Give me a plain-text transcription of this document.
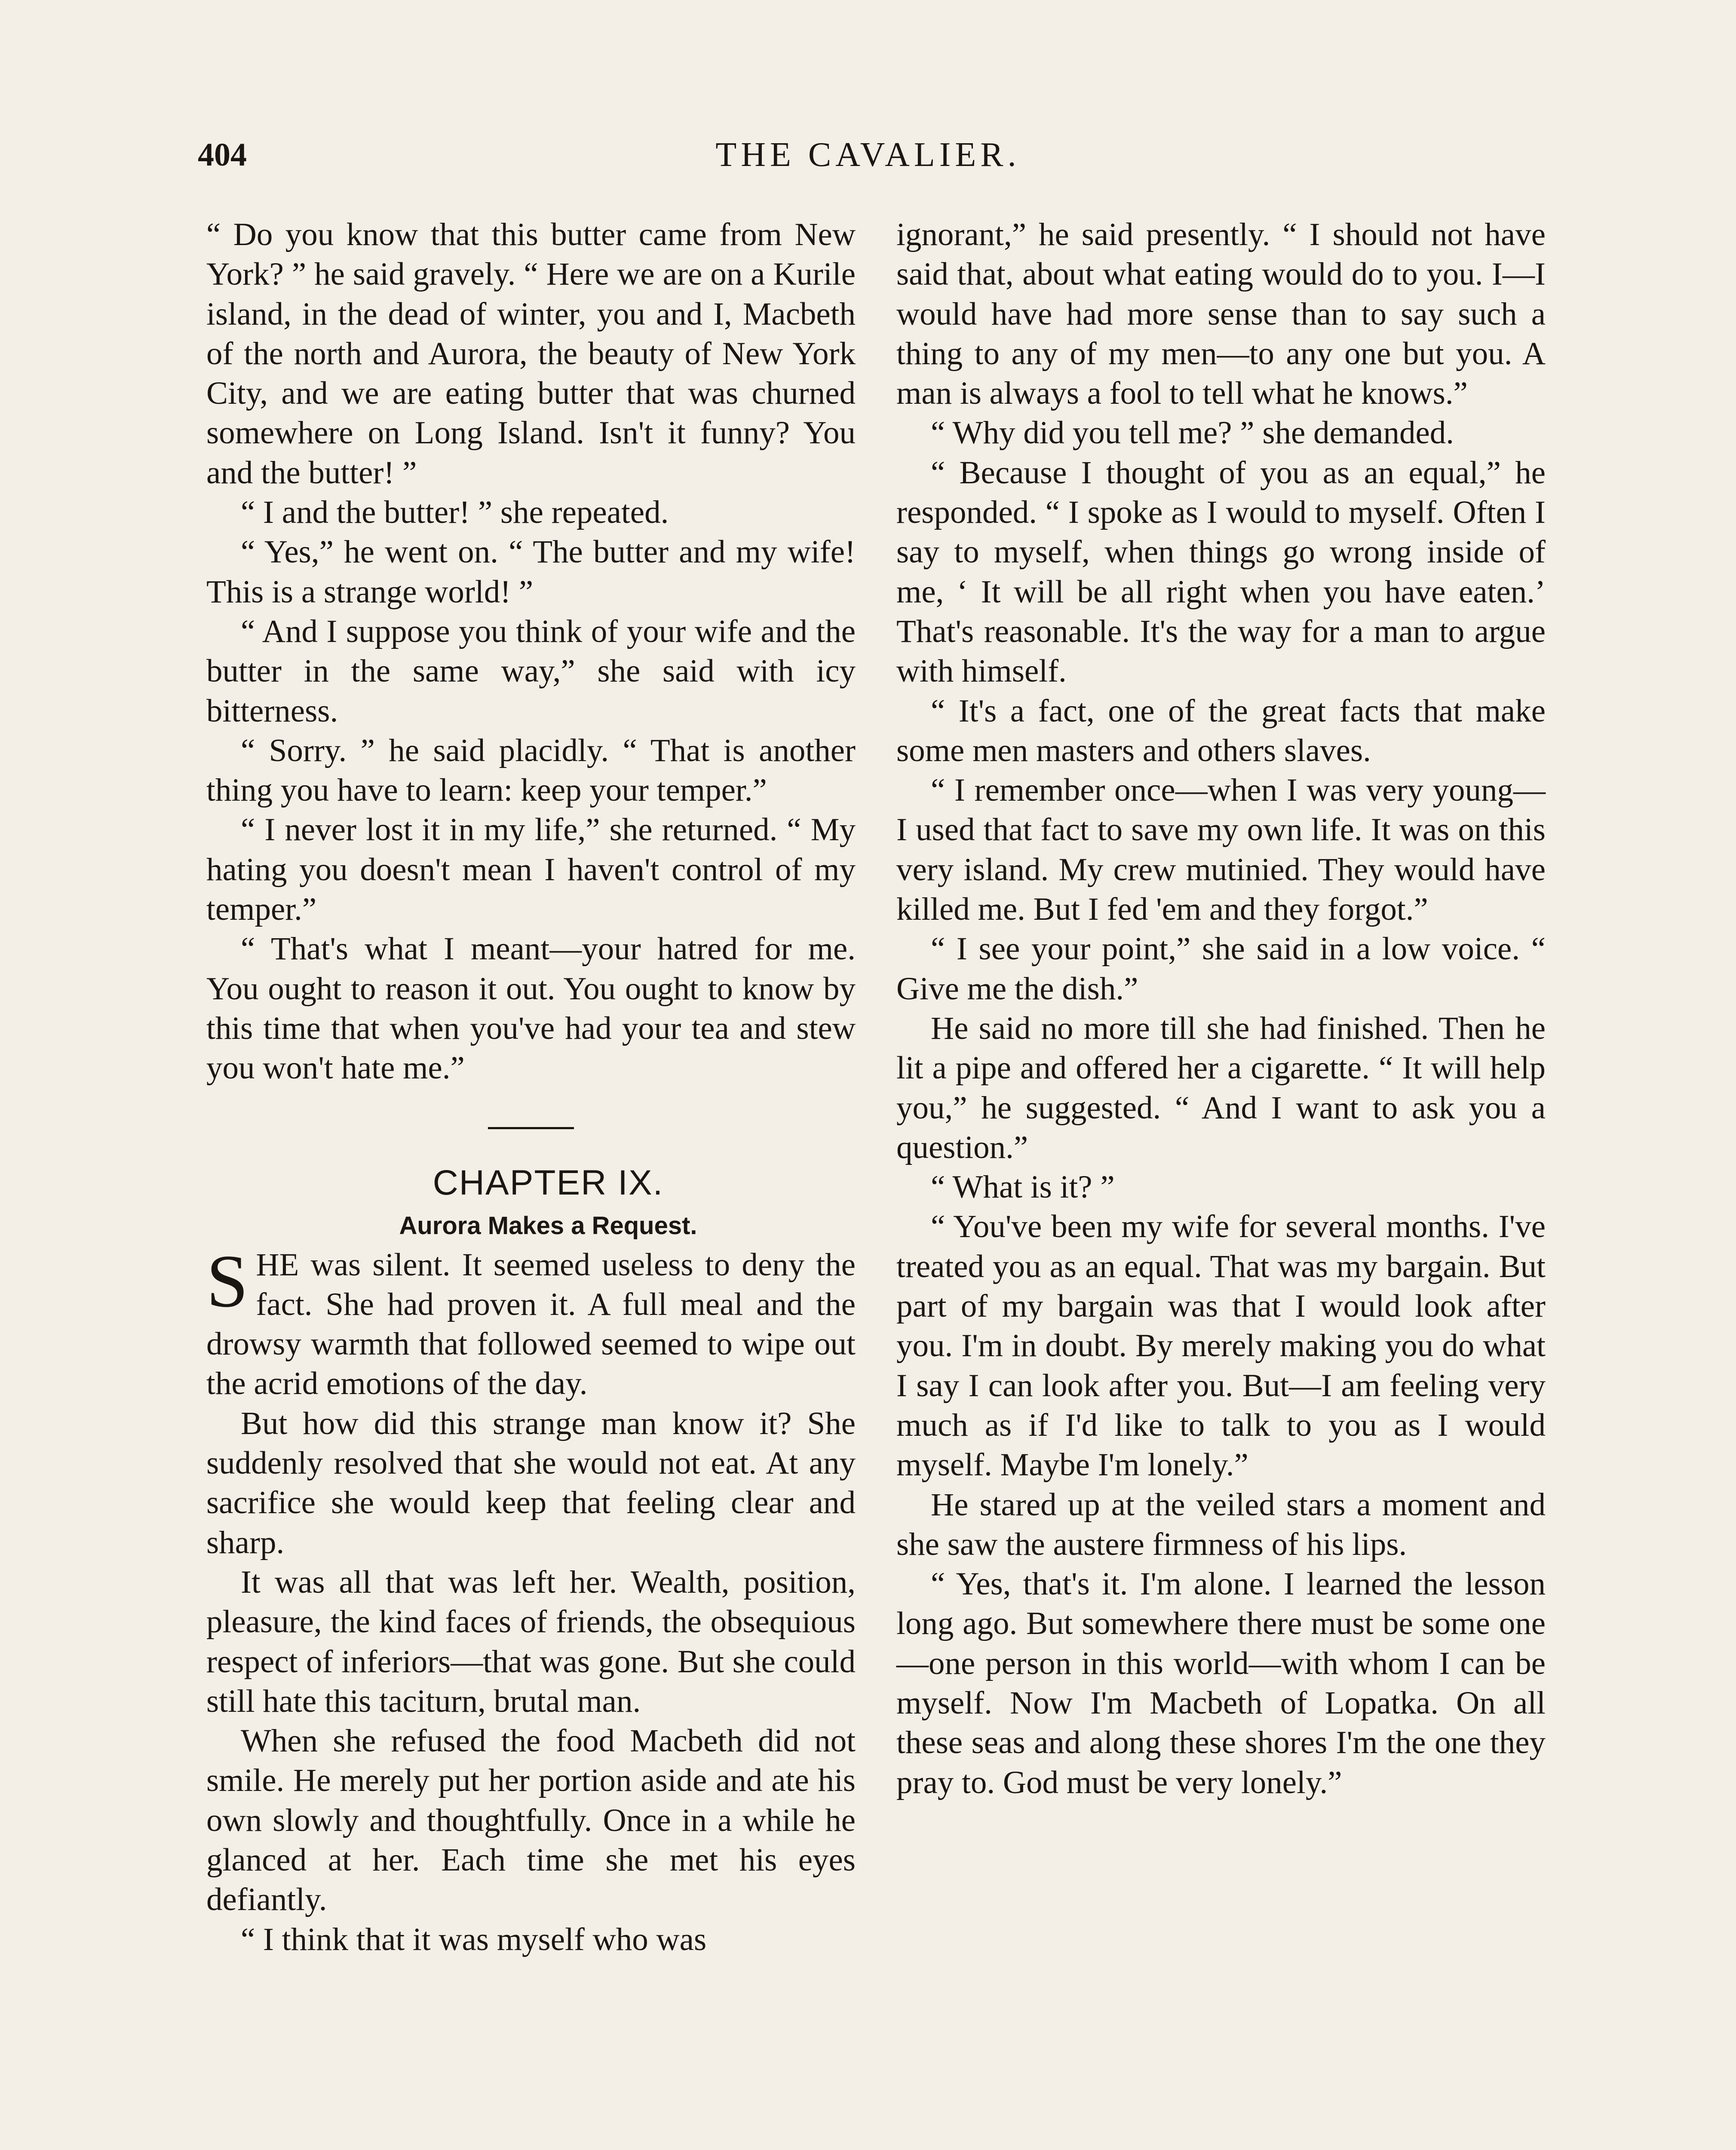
404	THE CAVALIER.

“ Do you know that this butter came from New York? ” he said gravely. “ Here we are on a Kurile island, in the dead of winter, you and I, Macbeth of the north and Aurora, the beauty of New York City, and we are eating butter that was churned somewhere on Long Island. Isn't it funny? You and the butter! ”

“ I and the butter! ” she repeated.

“ Yes,” he went on. “ The butter and my wife! This is a strange world! ”

“ And I suppose you think of your wife and the butter in the same way,” she said with icy bitterness.

“ Sorry. ” he said placidly. “ That is another thing you have to learn: keep your temper.”

“ I never lost it in my life,” she returned. “ My hating you doesn't mean I haven't control of my temper.”

“ That's what I meant—your hatred for me. You ought to reason it out. You ought to know by this time that when you've had your tea and stew you won't hate me.”

CHAPTER IX.

Aurora Makes a Request.

SHE was silent. It seemed useless to deny the fact. She had proven it. A full meal and the drowsy warmth that followed seemed to wipe out the acrid emotions of the day.

But how did this strange man know it? She suddenly resolved that she would not eat. At any sacrifice she would keep that feeling clear and sharp.

It was all that was left her. Wealth, position, pleasure, the kind faces of friends, the obsequious respect of inferiors—that was gone. But she could still hate this taciturn, brutal man.

When she refused the food Macbeth did not smile. He merely put her portion aside and ate his own slowly and thoughtfully. Once in a while he glanced at her. Each time she met his eyes defiantly.

“ I think that it was myself who was

ignorant,” he said presently. “ I should not have said that, about what eating would do to you. I—I would have had more sense than to say such a thing to any of my men—to any one but you. A man is always a fool to tell what he knows.”

“ Why did you tell me? ” she demanded.

“ Because I thought of you as an equal,” he responded. “ I spoke as I would to myself. Often I say to myself, when things go wrong inside of me, ‘ It will be all right when you have eaten.’ That's reasonable. It's the way for a man to argue with himself.

“ It's a fact, one of the great facts that make some men masters and others slaves.

“ I remember once—when I was very young—I used that fact to save my own life. It was on this very island. My crew mutinied. They would have killed me. But I fed 'em and they forgot.”

“ I see your point,” she said in a low voice. “ Give me the dish.”

He said no more till she had finished. Then he lit a pipe and offered her a cigarette. “ It will help you,” he suggested. “ And I want to ask you a question.”

“ What is it? ”

“ You've been my wife for several months. I've treated you as an equal. That was my bargain. But part of my bargain was that I would look after you. I'm in doubt. By merely making you do what I say I can look after you. But—I am feeling very much as if I'd like to talk to you as I would myself. Maybe I'm lonely.”

He stared up at the veiled stars a moment and she saw the austere firmness of his lips.

“ Yes, that's it. I'm alone. I learned the lesson long ago. But somewhere there must be some one—one person in this world—with whom I can be myself. Now I'm Macbeth of Lopatka. On all these seas and along these shores I'm the one they pray to. God must be very lonely.”
